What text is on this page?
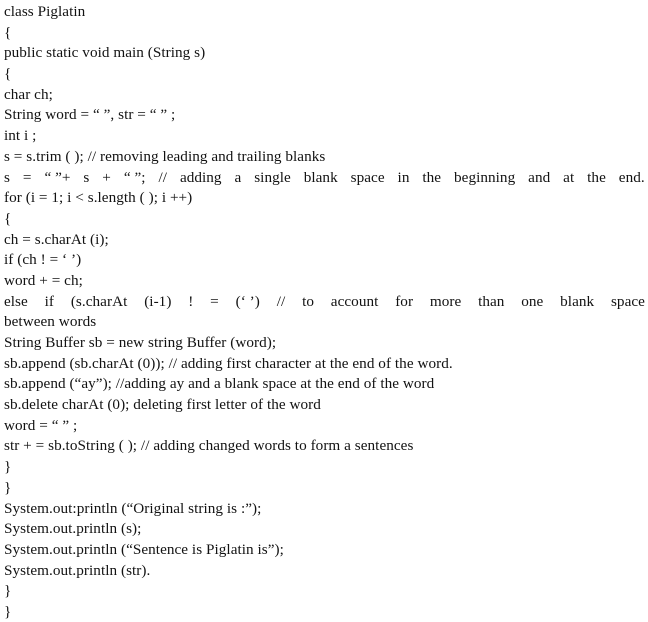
class Piglatin
{
public static void main (String s)
{
char ch;
String word = “ ”, str = “ ” ;
int i ;
s = s.trim ( ); // removing leading and trailing blanks
s = “ ”+ s + “ ”; // adding a single blank space in the beginning and at the end.
for (i = 1; i < s.length ( ); i ++)
{
ch = s.charAt (i);
if (ch ! = ‘ ’)
word + = ch;
else if (s.charAt (i-1) ! = (‘ ’) // to account for more than one blank space
between words
String Buffer sb = new string Buffer (word);
sb.append (sb.charAt (0)); // adding first character at the end of the word.
sb.append (“ay”); //adding ay and a blank space at the end of the word
sb.delete charAt (0); deleting first letter of the word
word = “ ” ;
str + = sb.toString ( ); // adding changed words to form a sentences
}
}
System.out:println (“Original string is :”);
System.out.println (s);
System.out.println (“Sentence is Piglatin is”);
System.out.println (str).
}
}
